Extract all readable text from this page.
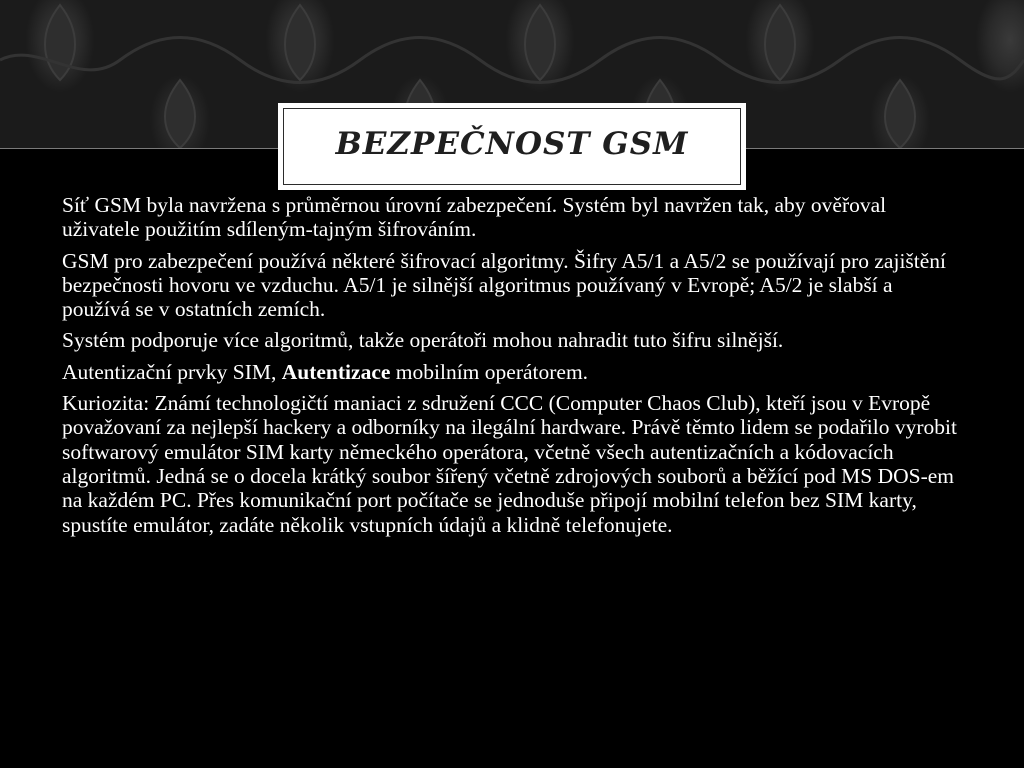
BEZPEČNOST GSM

Síť GSM byla navržena s průměrnou úrovní zabezpečení. Systém byl navržen tak, aby ověřoval uživatele použitím sdíleným-tajným šifrováním.

GSM pro zabezpečení používá některé šifrovací algoritmy. Šifry A5/1 a A5/2 se používají pro zajištění bezpečnosti hovoru ve vzduchu. A5/1 je silnější algoritmus používaný v Evropě; A5/2 je slabší a používá se v ostatních zemích.

Systém podporuje více algoritmů, takže operátoři mohou nahradit tuto šifru silnější.

Autentizační prvky SIM, Autentizace mobilním operátorem.

Kuriozita: Známí technologičtí maniaci z sdružení CCC (Computer Chaos Club), kteří jsou v Evropě považovaní za nejlepší hackery a odborníky na ilegální hardware. Právě těmto lidem se podařilo vyrobit softwarový emulátor SIM karty německého operátora, včetně všech autentizačních a kódovacích algoritmů. Jedná se o docela krátký soubor šířený včetně zdrojových souborů a běžící pod MS DOS-em na každém PC. Přes komunikační port počítače se jednoduše připojí mobilní telefon bez SIM karty, spustíte emulátor, zadáte několik vstupních údajů a klidně telefonujete.
